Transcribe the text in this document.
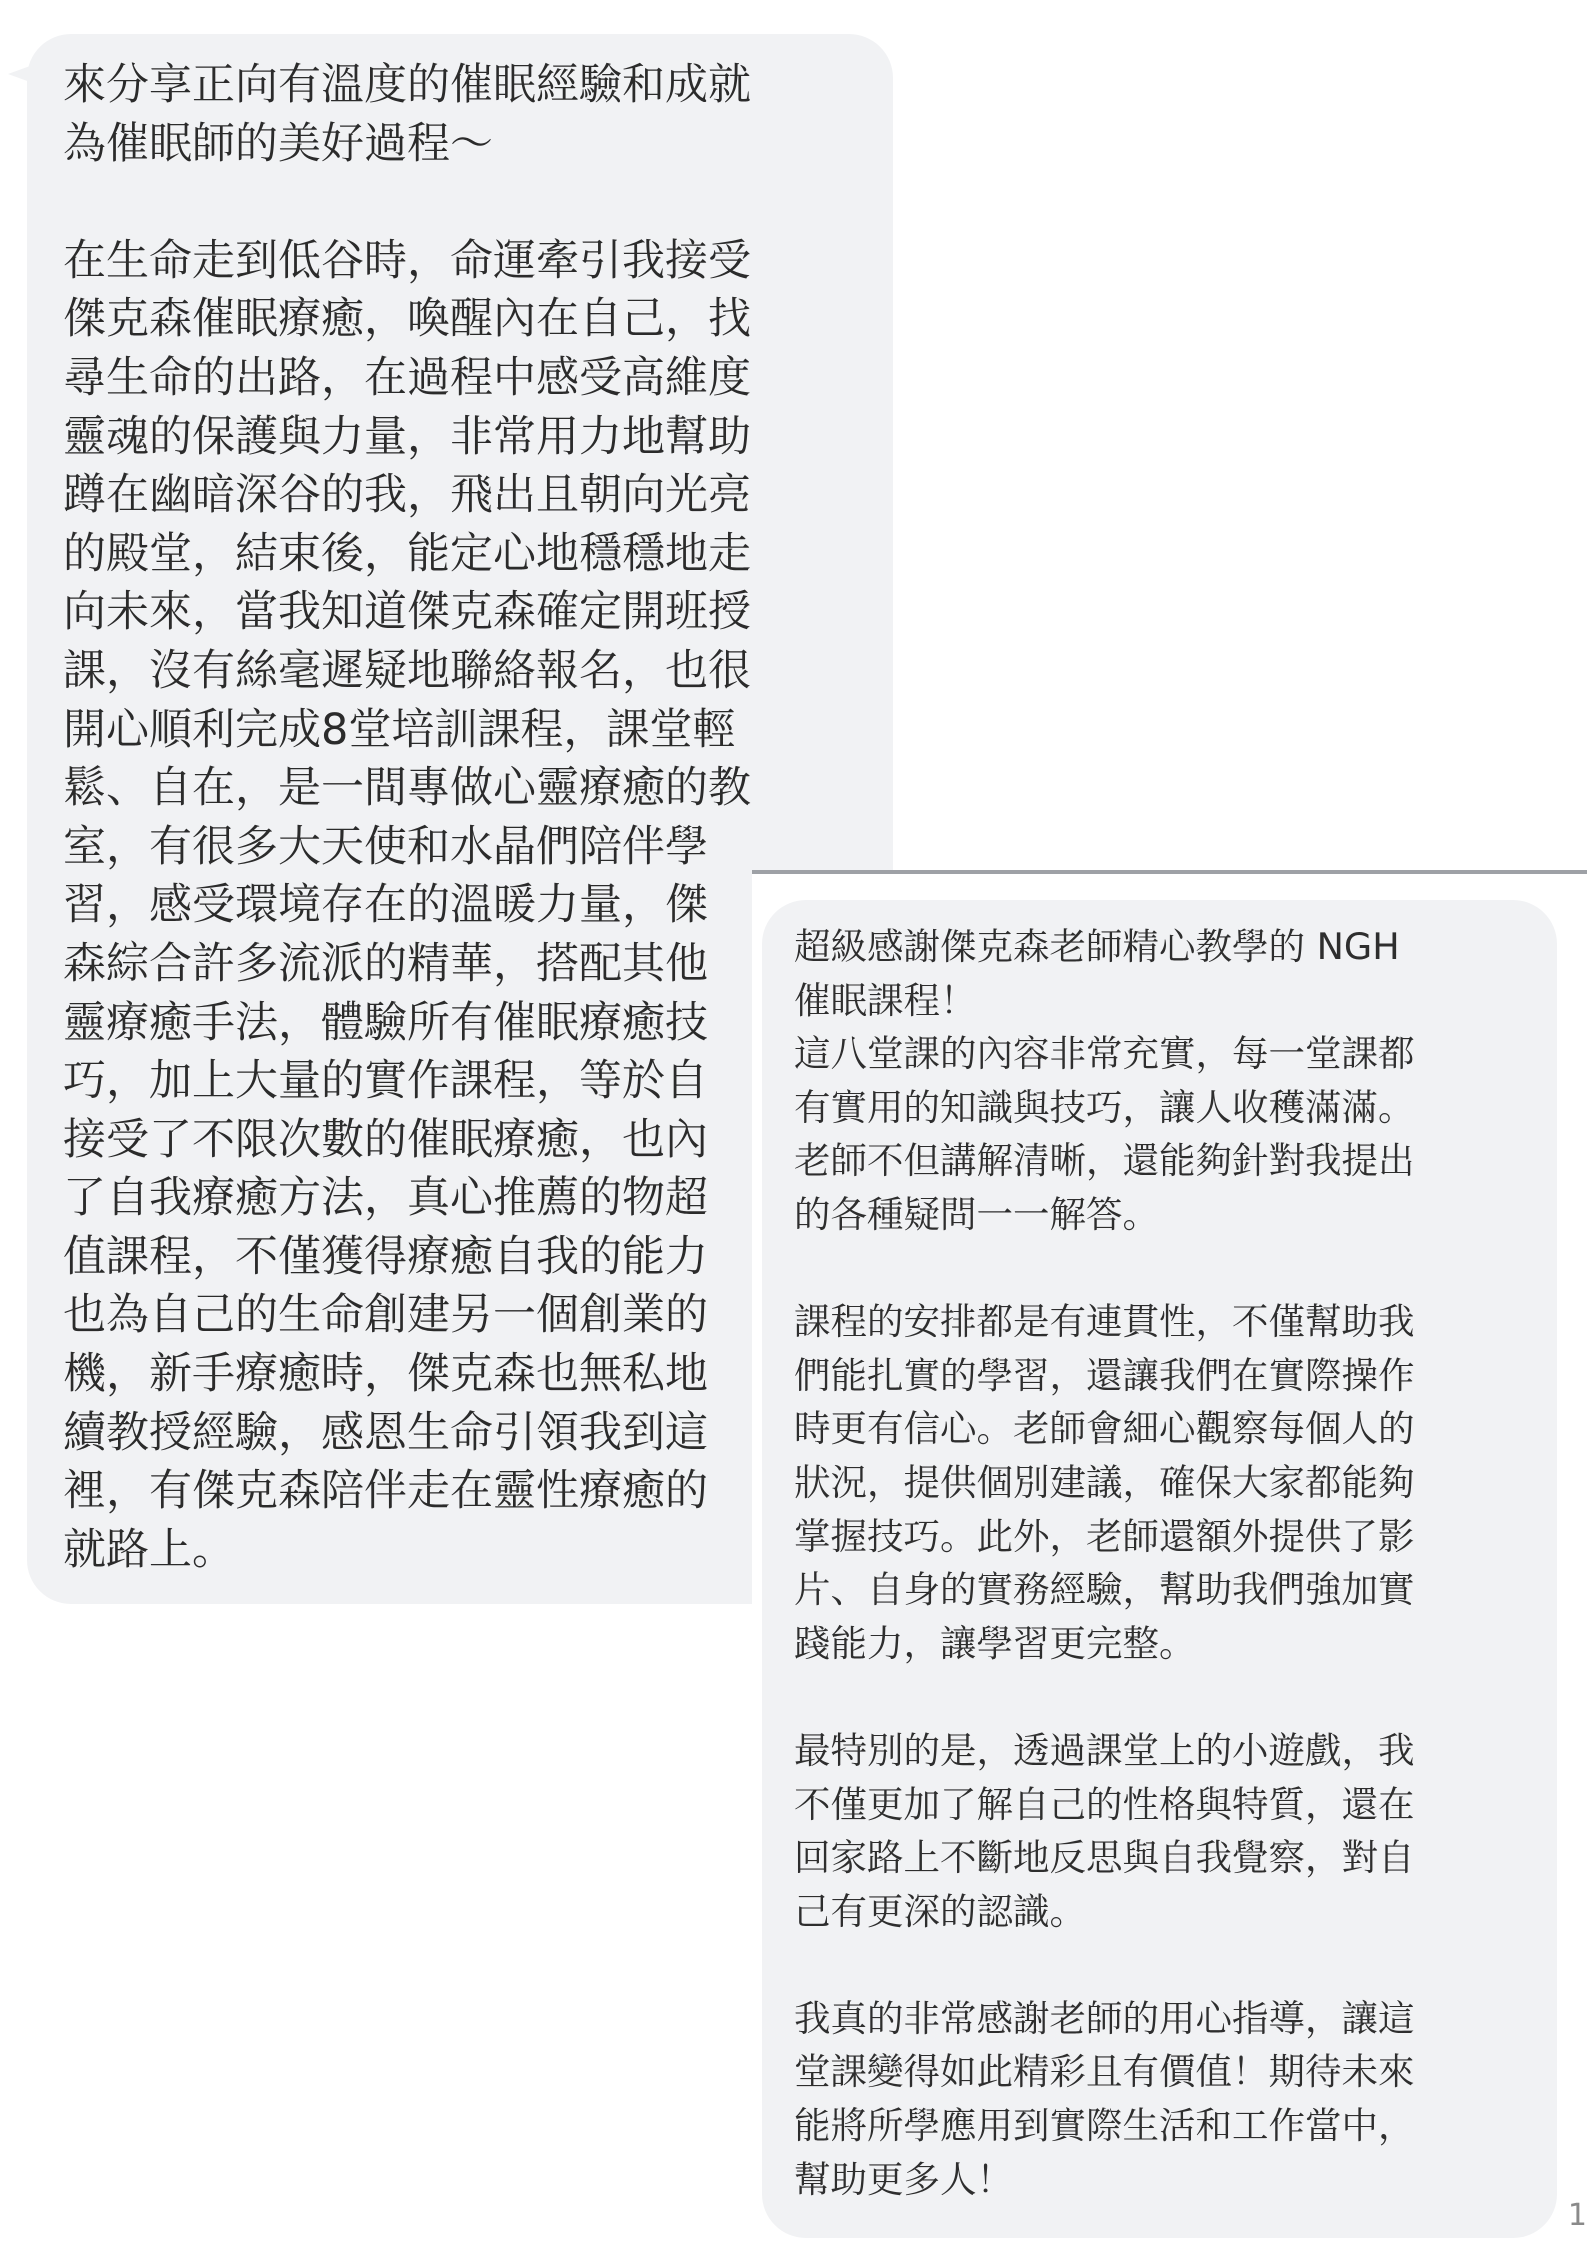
來分享正向有溫度的催眠經驗和成就
為催眠師的美好過程～
在生命走到低谷時，命運牽引我接受
傑克森催眠療癒，喚醒內在自己，找
尋生命的出路，在過程中感受高維度
靈魂的保護與力量，非常用力地幫助
蹲在幽暗深谷的我，飛出且朝向光亮
的殿堂，結束後，能定心地穩穩地走
向未來，當我知道傑克森確定開班授
課，沒有絲毫遲疑地聯絡報名，也很
開心順利完成8堂培訓課程，課堂輕
鬆、自在，是一間專做心靈療癒的教
室，有很多大天使和水晶們陪伴學
習，感受環境存在的溫暖力量，傑
森綜合許多流派的精華，搭配其他
靈療癒手法，體驗所有催眠療癒技
巧，加上大量的實作課程，等於自
接受了不限次數的催眠療癒，也內
了自我療癒方法，真心推薦的物超
值課程，不僅獲得療癒自我的能力
也為自己的生命創建另一個創業的
機，新手療癒時，傑克森也無私地
續教授經驗，感恩生命引領我到這
裡，有傑克森陪伴走在靈性療癒的
就路上。
超級感謝傑克森老師精心教學的 NGH
催眠課程！
這八堂課的內容非常充實，每一堂課都
有實用的知識與技巧，讓人收穫滿滿。
老師不但講解清晰，還能夠針對我提出
的各種疑問一一解答。
課程的安排都是有連貫性，不僅幫助我
們能扎實的學習，還讓我們在實際操作
時更有信心。老師會細心觀察每個人的
狀況，提供個別建議，確保大家都能夠
掌握技巧。此外，老師還額外提供了影
片、自身的實務經驗，幫助我們強加實
踐能力，讓學習更完整。
最特別的是，透過課堂上的小遊戲，我
不僅更加了解自己的性格與特質，還在
回家路上不斷地反思與自我覺察，對自
己有更深的認識。
我真的非常感謝老師的用心指導，讓這
堂課變得如此精彩且有價值！期待未來
能將所學應用到實際生活和工作當中，
幫助更多人！
1
